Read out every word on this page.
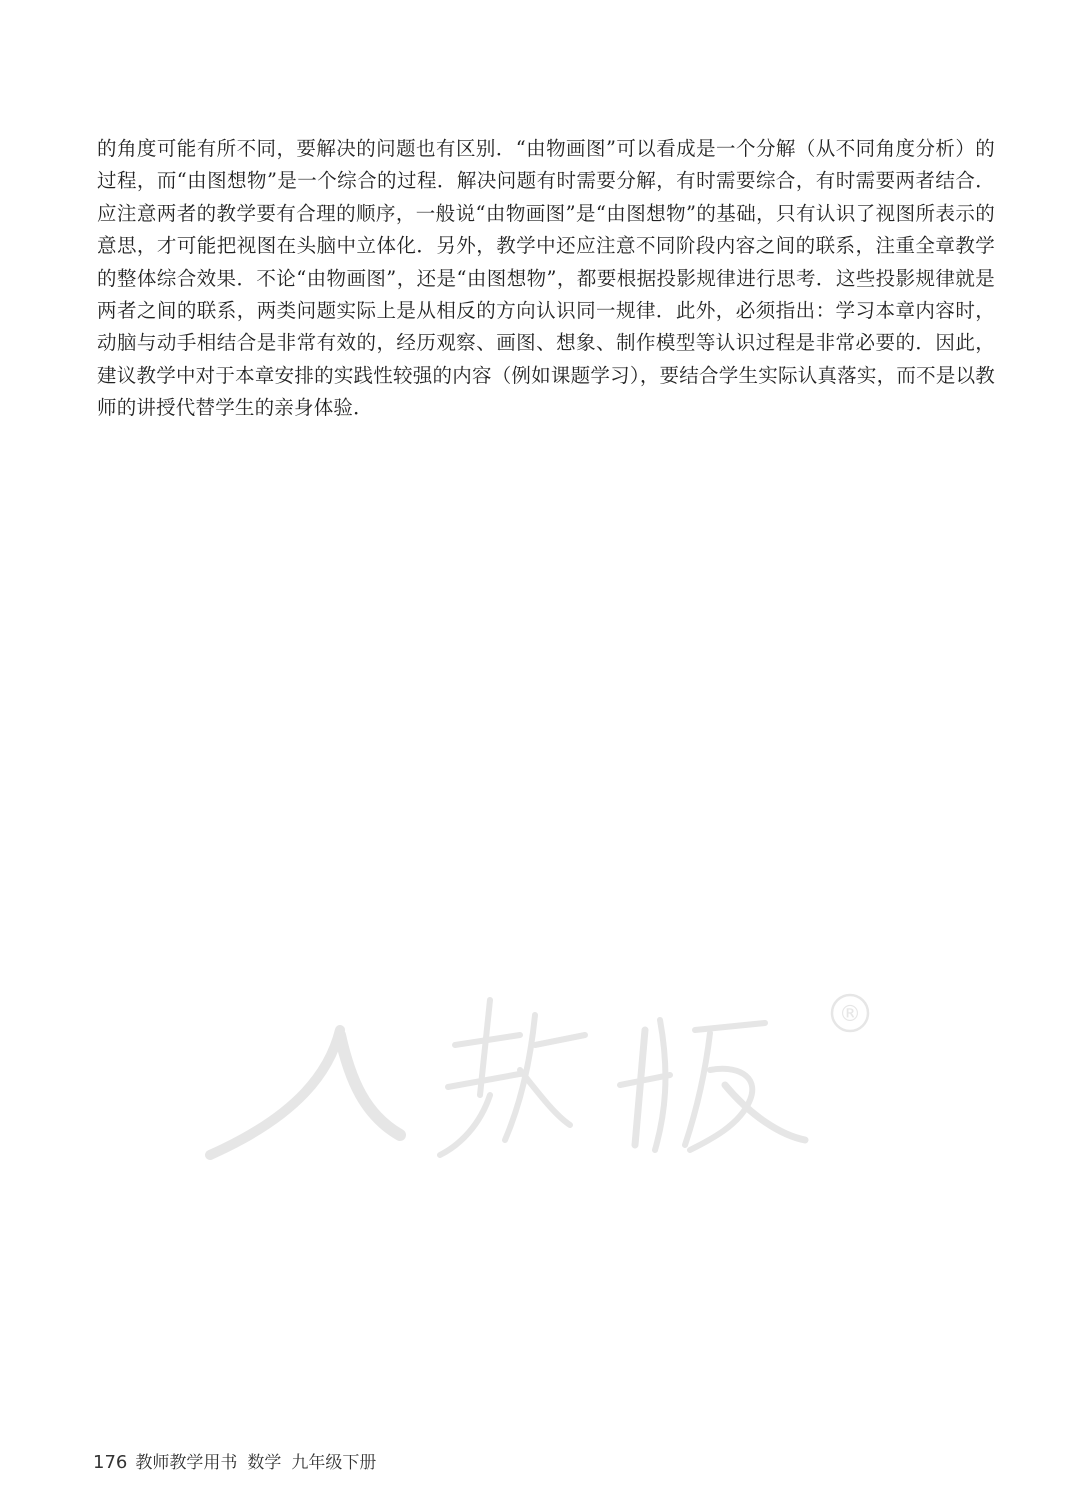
的角度可能有所不同，要解决的问题也有区别．“由物画图”可以看成是一个分解（从不同角度分析）的过程，而“由图想物”是一个综合的过程．解决问题有时需要分解，有时需要综合，有时需要两者结合．应注意两者的教学要有合理的顺序，一般说“由物画图”是“由图想物”的基础，只有认识了视图所表示的意思，才可能把视图在头脑中立体化．另外，教学中还应注意不同阶段内容之间的联系，注重全章教学的整体综合效果．不论“由物画图”，还是“由图想物”，都要根据投影规律进行思考．这些投影规律就是两者之间的联系，两类问题实际上是从相反的方向认识同一规律．此外，必须指出：学习本章内容时，动脑与动手相结合是非常有效的，经历观察、画图、想象、制作模型等认识过程是非常必要的．因此，建议教学中对于本章安排的实践性较强的内容（例如课题学习），要结合学生实际认真落实，而不是以教师的讲授代替学生的亲身体验．

®
176 教师教学用书 数学 九年级下册
